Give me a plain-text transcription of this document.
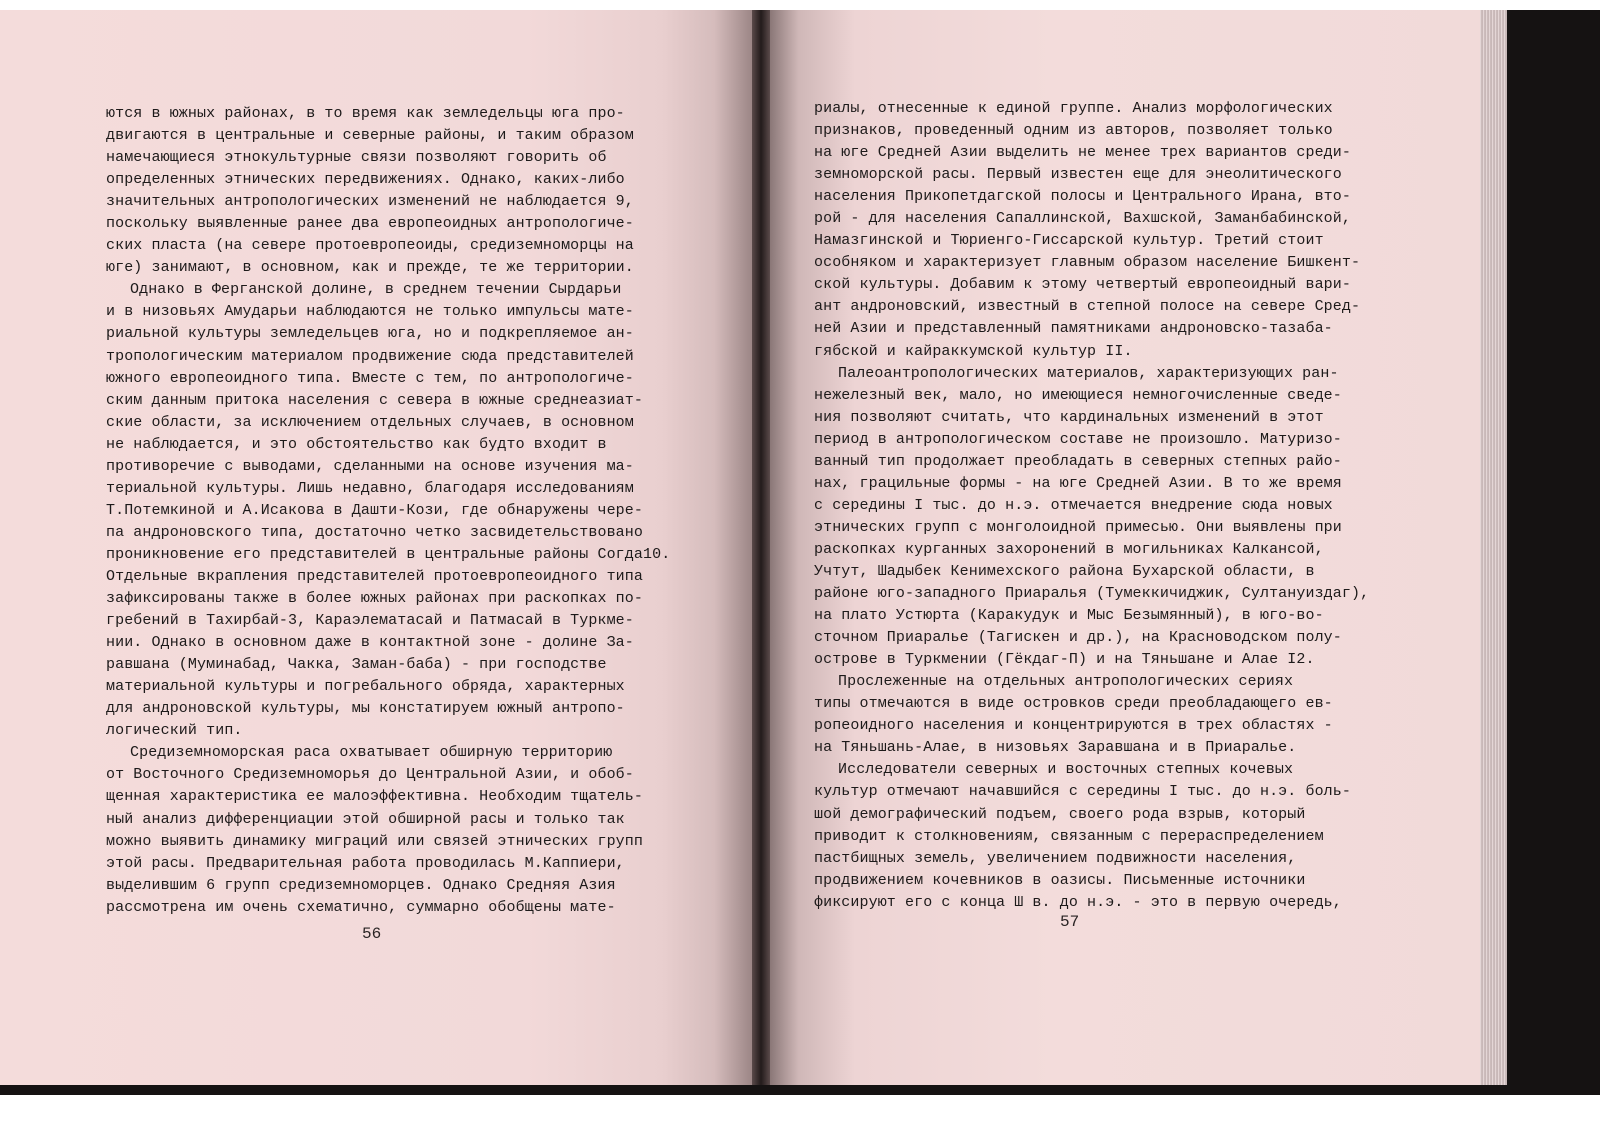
ются в южных районах, в то время как земледельцы юга про-
двигаются в центральные и северные районы, и таким образом
намечающиеся этнокультурные связи позволяют говорить об
определенных этнических передвижениях. Однако, каких-либо
значительных антропологических изменений не наблюдается 9,
поскольку выявленные ранее два европеоидных антропологиче-
ских пласта (на севере протоевропеоиды, средиземноморцы на
юге) занимают, в основном, как и прежде, те же территории.
Однако в Ферганской долине, в среднем течении Сырдарьи
и в низовьях Амударьи наблюдаются не только импульсы мате-
риальной культуры земледельцев юга, но и подкрепляемое ан-
тропологическим материалом продвижение сюда представителей
южного европеоидного типа. Вместе с тем, по антропологиче-
ским данным притока населения с севера в южные среднеазиат-
ские области, за исключением отдельных случаев, в основном
не наблюдается, и это обстоятельство как будто входит в
противоречие с выводами, сделанными на основе изучения ма-
териальной культуры. Лишь недавно, благодаря исследованиям
Т.Потемкиной и А.Исакова в Дашти-Кози, где обнаружены чере-
па андроновского типа, достаточно четко засвидетельствовано
проникновение его представителей в центральные районы Согда10.
Отдельные вкрапления представителей протоевропеоидного типа
зафиксированы также в более южных районах при раскопках по-
гребений в Тахирбай-3, Караэлематасай и Патмасай в Туркме-
нии. Однако в основном даже в контактной зоне - долине За-
равшана (Муминабад, Чакка, Заман-баба) - при господстве
материальной культуры и погребального обряда, характерных
для андроновской культуры, мы констатируем южный антропо-
логический тип.
Средиземноморская раса охватывает обширную территорию
от Восточного Средиземноморья до Центральной Азии, и обоб-
щенная характеристика ее малоэффективна. Необходим тщатель-
ный анализ дифференциации этой обширной расы и только так
можно выявить динамику миграций или связей этнических групп
этой расы. Предварительная работа проводилась М.Каппиери,
выделившим 6 групп средиземноморцев. Однако Средняя Азия
рассмотрена им очень схематично, суммарно обобщены мате-
56
риалы, отнесенные к единой группе. Анализ морфологических
признаков, проведенный одним из авторов, позволяет только
на юге Средней Азии выделить не менее трех вариантов среди-
земноморской расы. Первый известен еще для энеолитического
населения Прикопетдагской полосы и Центрального Ирана, вто-
рой - для населения Сапаллинской, Вахшской, Заманбабинской,
Намазгинской и Тюриенго-Гиссарской культур. Третий стоит
особняком и характеризует главным образом население Бишкент-
ской культуры. Добавим к этому четвертый европеоидный вари-
ант андроновский, известный в степной полосе на севере Сред-
ней Азии и представленный памятниками андроновско-тазаба-
гябской и кайраккумской культур II.
Палеоантропологических материалов, характеризующих ран-
нежелезный век, мало, но имеющиеся немногочисленные сведе-
ния позволяют считать, что кардинальных изменений в этот
период в антропологическом составе не произошло. Матуризо-
ванный тип продолжает преобладать в северных степных райо-
нах, грацильные формы - на юге Средней Азии. В то же время
с середины I тыс. до н.э. отмечается внедрение сюда новых
этнических групп с монголоидной примесью. Они выявлены при
раскопках курганных захоронений в могильниках Калкансой,
Учтут, Шадыбек Кенимехского района Бухарской области, в
районе юго-западного Приаралья (Тумеккичиджик, Султануиздаг),
на плато Устюрта (Каракудук и Мыс Безымянный), в юго-во-
сточном Приаралье (Тагискен и др.), на Красноводском полу-
острове в Туркмении (Гёкдаг-П) и на Тяньшане и Алае I2.
Прослеженные на отдельных антропологических сериях
типы отмечаются в виде островков среди преобладающего ев-
ропеоидного населения и концентрируются в трех областях -
на Тяньшань-Алае, в низовьях Заравшана и в Приаралье.
Исследователи северных и восточных степных кочевых
культур отмечают начавшийся с середины I тыс. до н.э. боль-
шой демографический подъем, своего рода взрыв, который
приводит к столкновениям, связанным с перераспределением
пастбищных земель, увеличением подвижности населения,
продвижением кочевников в оазисы. Письменные источники
фиксируют его с конца Ш в. до н.э. - это в первую очередь,
57
